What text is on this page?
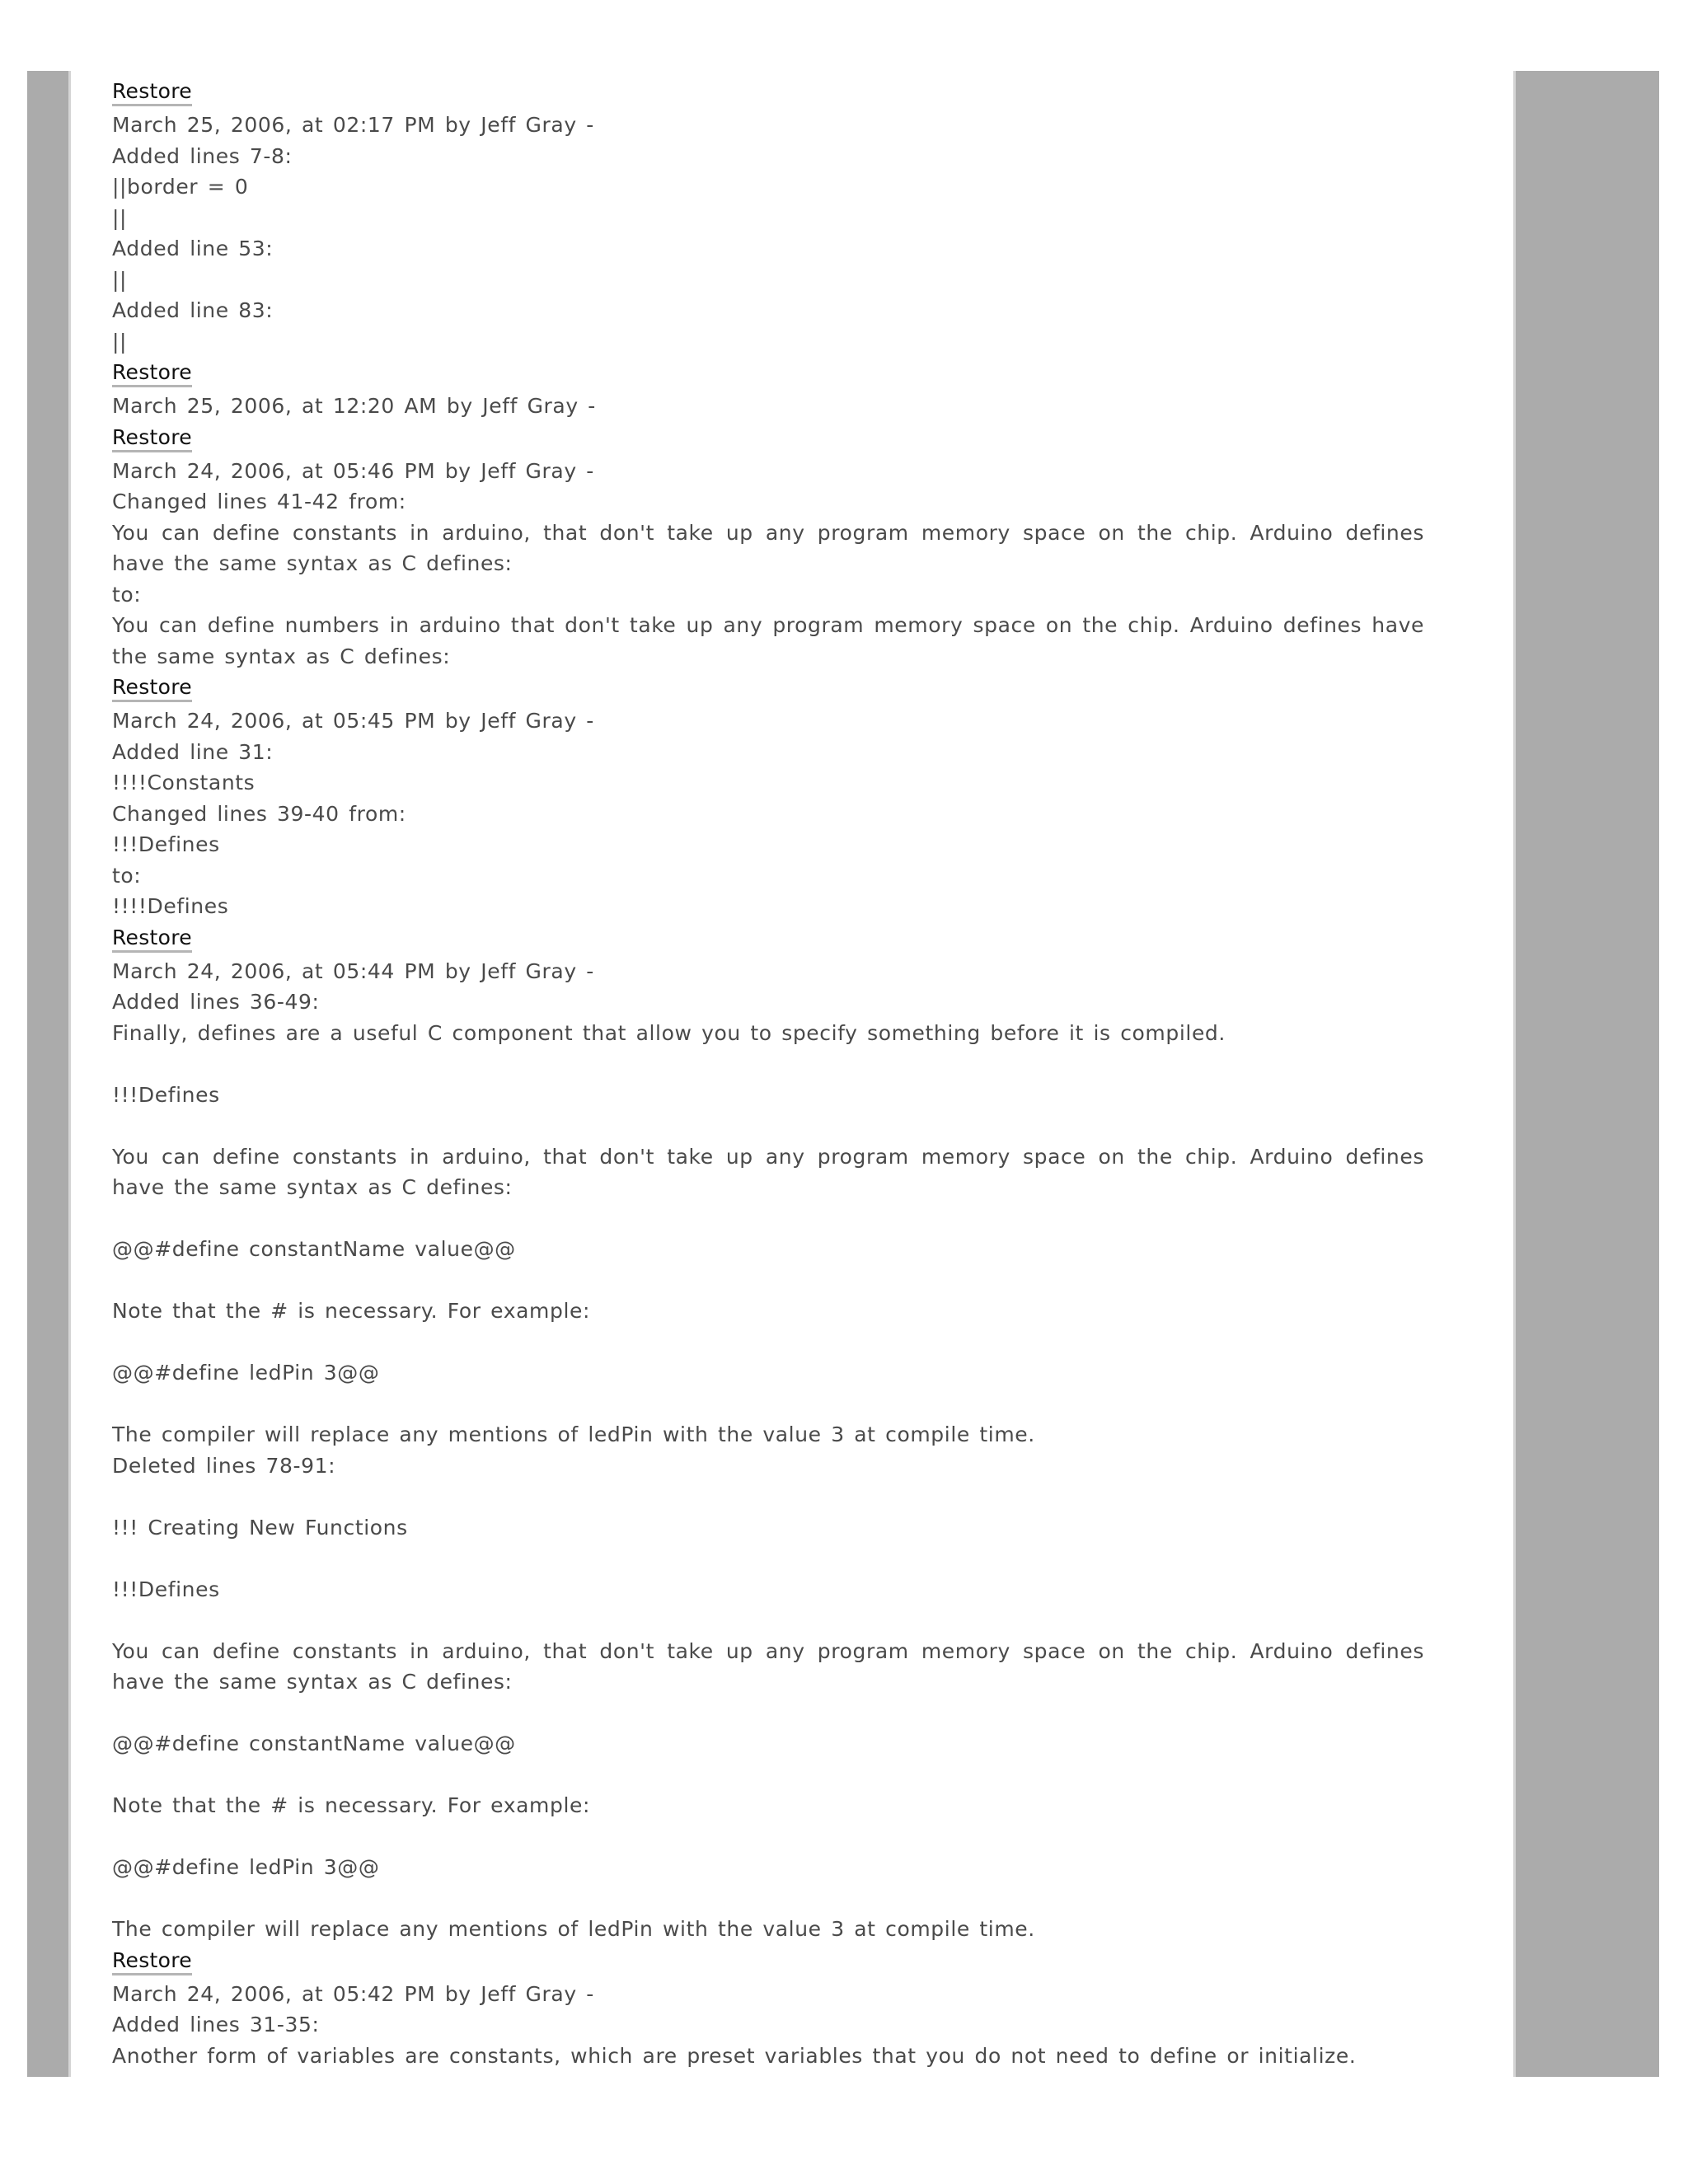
Restore
March 25, 2006, at 02:17 PM by Jeff Gray -
Added lines 7-8:
||border = 0
||
Added line 53:
||
Added line 83:
||
Restore
March 25, 2006, at 12:20 AM by Jeff Gray -
Restore
March 24, 2006, at 05:46 PM by Jeff Gray -
Changed lines 41-42 from:
You can define constants in arduino, that don't take up any program memory space on the chip. Arduino defines have the same syntax as C defines:
to:
You can define numbers in arduino that don't take up any program memory space on the chip. Arduino defines have the same syntax as C defines:
Restore
March 24, 2006, at 05:45 PM by Jeff Gray -
Added line 31:
!!!!Constants
Changed lines 39-40 from:
!!!Defines
to:
!!!!Defines
Restore
March 24, 2006, at 05:44 PM by Jeff Gray -
Added lines 36-49:
Finally, defines are a useful C component that allow you to specify something before it is compiled.
!!!Defines
You can define constants in arduino, that don't take up any program memory space on the chip. Arduino defines have the same syntax as C defines:
@@#define constantName value@@
Note that the # is necessary. For example:
@@#define ledPin 3@@
The compiler will replace any mentions of ledPin with the value 3 at compile time.
Deleted lines 78-91:
!!! Creating New Functions
!!!Defines
You can define constants in arduino, that don't take up any program memory space on the chip. Arduino defines have the same syntax as C defines:
@@#define constantName value@@
Note that the # is necessary. For example:
@@#define ledPin 3@@
The compiler will replace any mentions of ledPin with the value 3 at compile time.
Restore
March 24, 2006, at 05:42 PM by Jeff Gray -
Added lines 31-35:
Another form of variables are constants, which are preset variables that you do not need to define or initialize.
